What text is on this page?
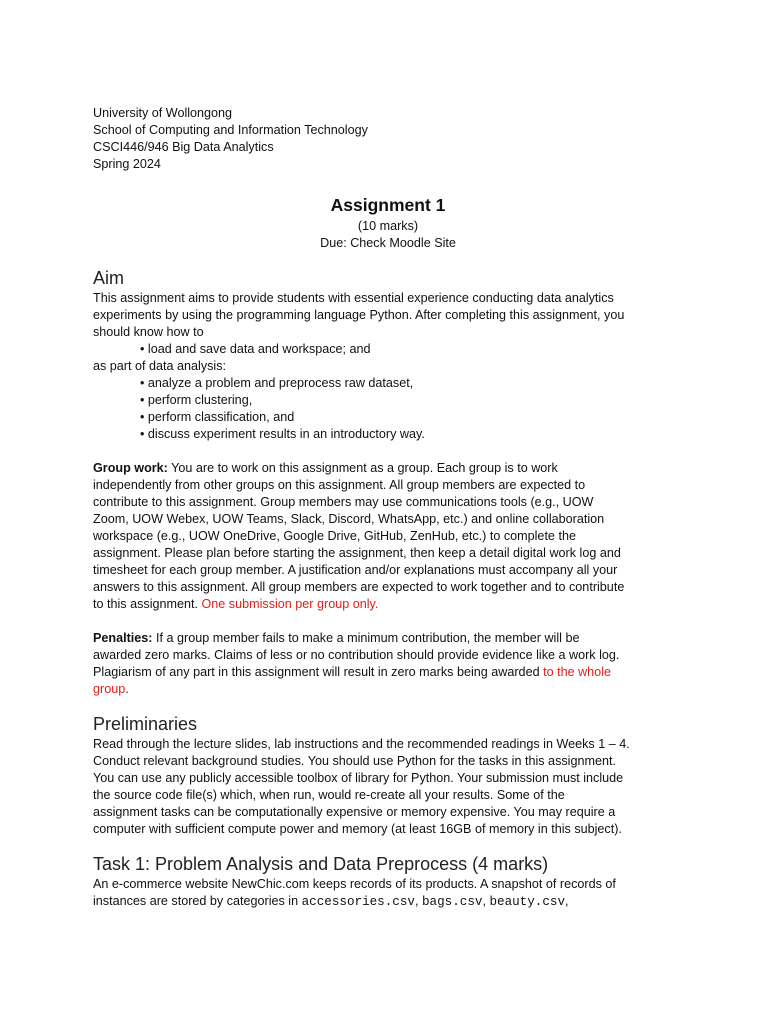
University of Wollongong
School of Computing and Information Technology
CSCI446/946 Big Data Analytics
Spring 2024
Assignment 1
(10 marks)
Due: Check Moodle Site
Aim
This assignment aims to provide students with essential experience conducting data analytics
experiments by using the programming language Python. After completing this assignment, you
should know how to
• load and save data and workspace; and
as part of data analysis:
• analyze a problem and preprocess raw dataset,
• perform clustering,
• perform classification, and
• discuss experiment results in an introductory way.
Group work: You are to work on this assignment as a group. Each group is to work
independently from other groups on this assignment. All group members are expected to
contribute to this assignment. Group members may use communications tools (e.g., UOW
Zoom, UOW Webex, UOW Teams, Slack, Discord, WhatsApp, etc.) and online collaboration
workspace (e.g., UOW OneDrive, Google Drive, GitHub, ZenHub, etc.) to complete the
assignment. Please plan before starting the assignment, then keep a detail digital work log and
timesheet for each group member. A justification and/or explanations must accompany all your
answers to this assignment. All group members are expected to work together and to contribute
to this assignment. One submission per group only.
Penalties: If a group member fails to make a minimum contribution, the member will be
awarded zero marks. Claims of less or no contribution should provide evidence like a work log.
Plagiarism of any part in this assignment will result in zero marks being awarded to the whole
group.
Preliminaries
Read through the lecture slides, lab instructions and the recommended readings in Weeks 1 – 4.
Conduct relevant background studies. You should use Python for the tasks in this assignment.
You can use any publicly accessible toolbox of library for Python. Your submission must include
the source code file(s) which, when run, would re-create all your results. Some of the
assignment tasks can be computationally expensive or memory expensive. You may require a
computer with sufficient compute power and memory (at least 16GB of memory in this subject).
Task 1: Problem Analysis and Data Preprocess (4 marks)
An e-commerce website NewChic.com keeps records of its products. A snapshot of records of
instances are stored by categories in accessories.csv, bags.csv, beauty.csv,
